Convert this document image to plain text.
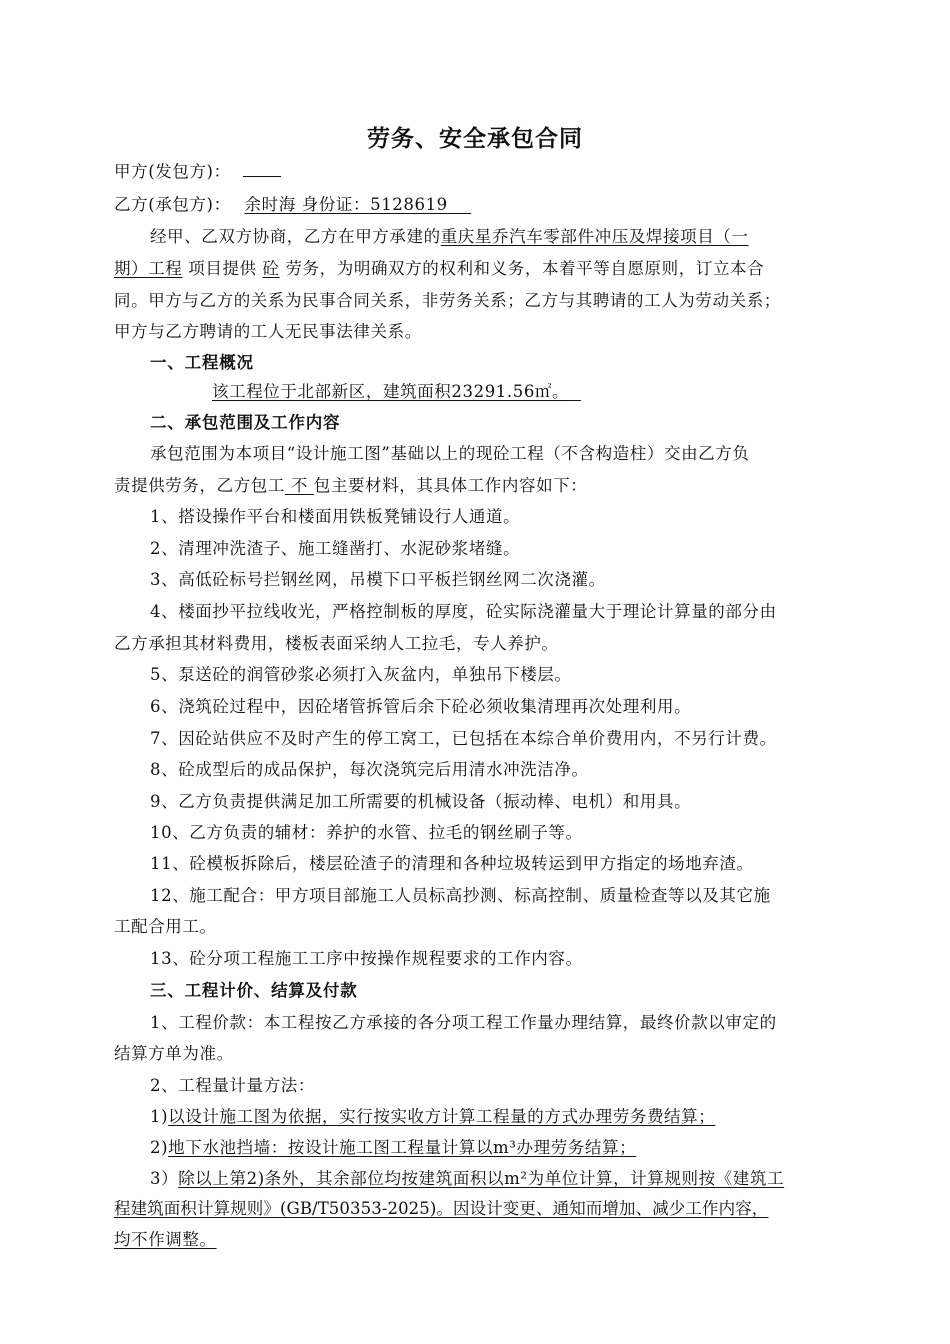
劳务、安全承包合同
甲方(发包方)：
乙方(承包方)： 余时海 身份证：5128619
经甲、乙双方协商，乙方在甲方承建的重庆星乔汽车零部件冲压及焊接项目（一
期）工程 项目提供 砼 劳务，为明确双方的权利和义务，本着平等自愿原则，订立本合
同。甲方与乙方的关系为民事合同关系，非劳务关系；乙方与其聘请的工人为劳动关系；
甲方与乙方聘请的工人无民事法律关系。
一、工程概况
该工程位于北部新区，建筑面积23291.56㎡。
二、承包范围及工作内容
承包范围为本项目“设计施工图”基础以上的现砼工程（不含构造柱）交由乙方负
责提供劳务，乙方包工 不 包主要材料，其具体工作内容如下：
1、搭设操作平台和楼面用铁板凳铺设行人通道。
2、清理冲洗渣子、施工缝凿打、水泥砂浆堵缝。
3、高低砼标号拦钢丝网，吊模下口平板拦钢丝网二次浇灌。
4、楼面抄平拉线收光，严格控制板的厚度，砼实际浇灌量大于理论计算量的部分由
乙方承担其材料费用，楼板表面采纳人工拉毛，专人养护。
5、泵送砼的润管砂浆必须打入灰盆内，单独吊下楼层。
6、浇筑砼过程中，因砼堵管拆管后余下砼必须收集清理再次处理利用。
7、因砼站供应不及时产生的停工窝工，已包括在本综合单价费用内，不另行计费。
8、砼成型后的成品保护，每次浇筑完后用清水冲洗洁净。
9、乙方负责提供满足加工所需要的机械设备（振动棒、电机）和用具。
10、乙方负责的辅材：养护的水管、拉毛的钢丝刷子等。
11、砼模板拆除后，楼层砼渣子的清理和各种垃圾转运到甲方指定的场地弃渣。
12、施工配合：甲方项目部施工人员标高抄测、标高控制、质量检查等以及其它施
工配合用工。
13、砼分项工程施工工序中按操作规程要求的工作内容。
三、工程计价、结算及付款
1、工程价款：本工程按乙方承接的各分项工程工作量办理结算，最终价款以审定的
结算方单为准。
2、工程量计量方法：
1)以设计施工图为依据，实行按实收方计算工程量的方式办理劳务费结算；
2)地下水池挡墙：按设计施工图工程量计算以m³办理劳务结算；
3）除以上第2)条外，其余部位均按建筑面积以m²为单位计算，计算规则按《建筑工
程建筑面积计算规则》(GB/T50353-2025)。因设计变更、通知而增加、减少工作内容，
均不作调整。
